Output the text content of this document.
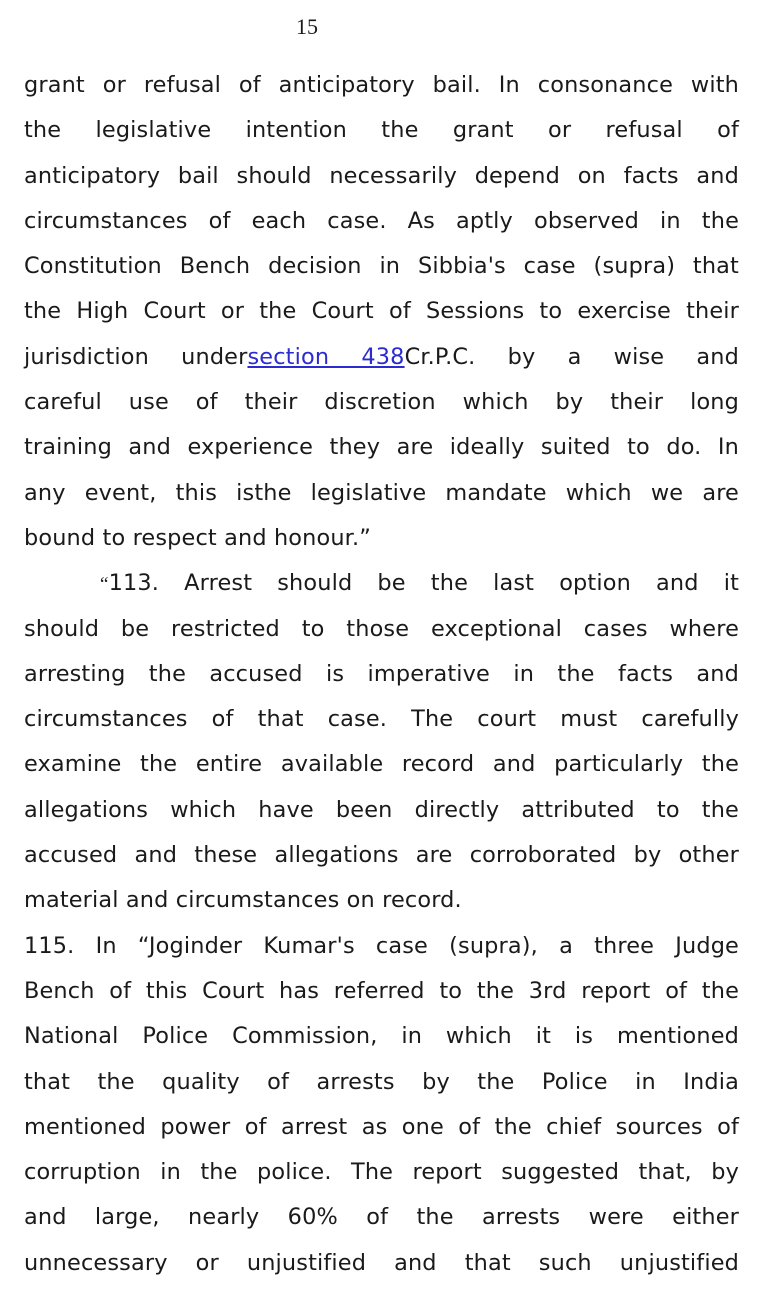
15
grant or refusal of anticipatory bail. In consonance with
the legislative intention the grant or refusal of
anticipatory bail should necessarily depend on facts and
circumstances of each case. As aptly observed in the
Constitution Bench decision in Sibbia's case (supra) that
the High Court or the Court of Sessions to exercise their
jurisdiction undersection 438Cr.P.C. by a wise and
careful use of their discretion which by their long
training and experience they are ideally suited to do. In
any event, this isthe legislative mandate which we are
bound to respect and honour.”
“113. Arrest should be the last option and it
should be restricted to those exceptional cases where
arresting the accused is imperative in the facts and
circumstances of that case. The court must carefully
examine the entire available record and particularly the
allegations which have been directly attributed to the
accused and these allegations are corroborated by other
material and circumstances on record.
115. In “Joginder Kumar's case (supra), a three Judge
Bench of this Court has referred to the 3rd report of the
National Police Commission, in which it is mentioned
that the quality of arrests by the Police in India
mentioned power of arrest as one of the chief sources of
corruption in the police. The report suggested that, by
and large, nearly 60% of the arrests were either
unnecessary or unjustified and that such unjustified
